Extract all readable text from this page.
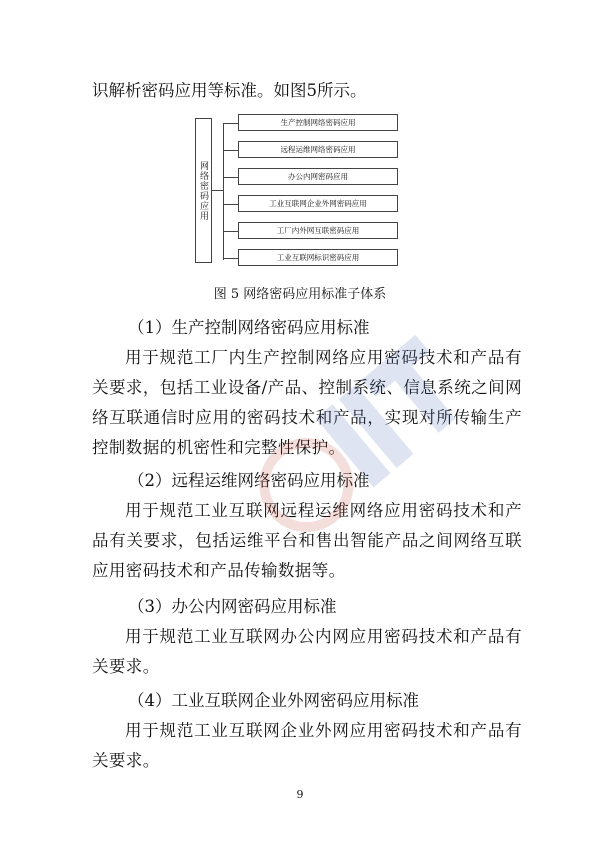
识解析密码应用等标准。如图5所示。

网络密码应用
生产控制网络密码应用
远程运维网络密码应用
办公内网密码应用
工业互联网企业外网密码应用
工厂内外网互联密码应用
工业互联网标识密码应用

图 5 网络密码应用标准子体系

（1）生产控制网络密码应用标准

用于规范工厂内生产控制网络应用密码技术和产品有关要求，包括工业设备/产品、控制系统、信息系统之间网络互联通信时应用的密码技术和产品，实现对所传输生产控制数据的机密性和完整性保护。

（2）远程运维网络密码应用标准

用于规范工业互联网远程运维网络应用密码技术和产品有关要求，包括运维平台和售出智能产品之间网络互联应用密码技术和产品传输数据等。

（3）办公内网密码应用标准

用于规范工业互联网办公内网应用密码技术和产品有关要求。

（4）工业互联网企业外网密码应用标准

用于规范工业互联网企业外网应用密码技术和产品有关要求。

9
